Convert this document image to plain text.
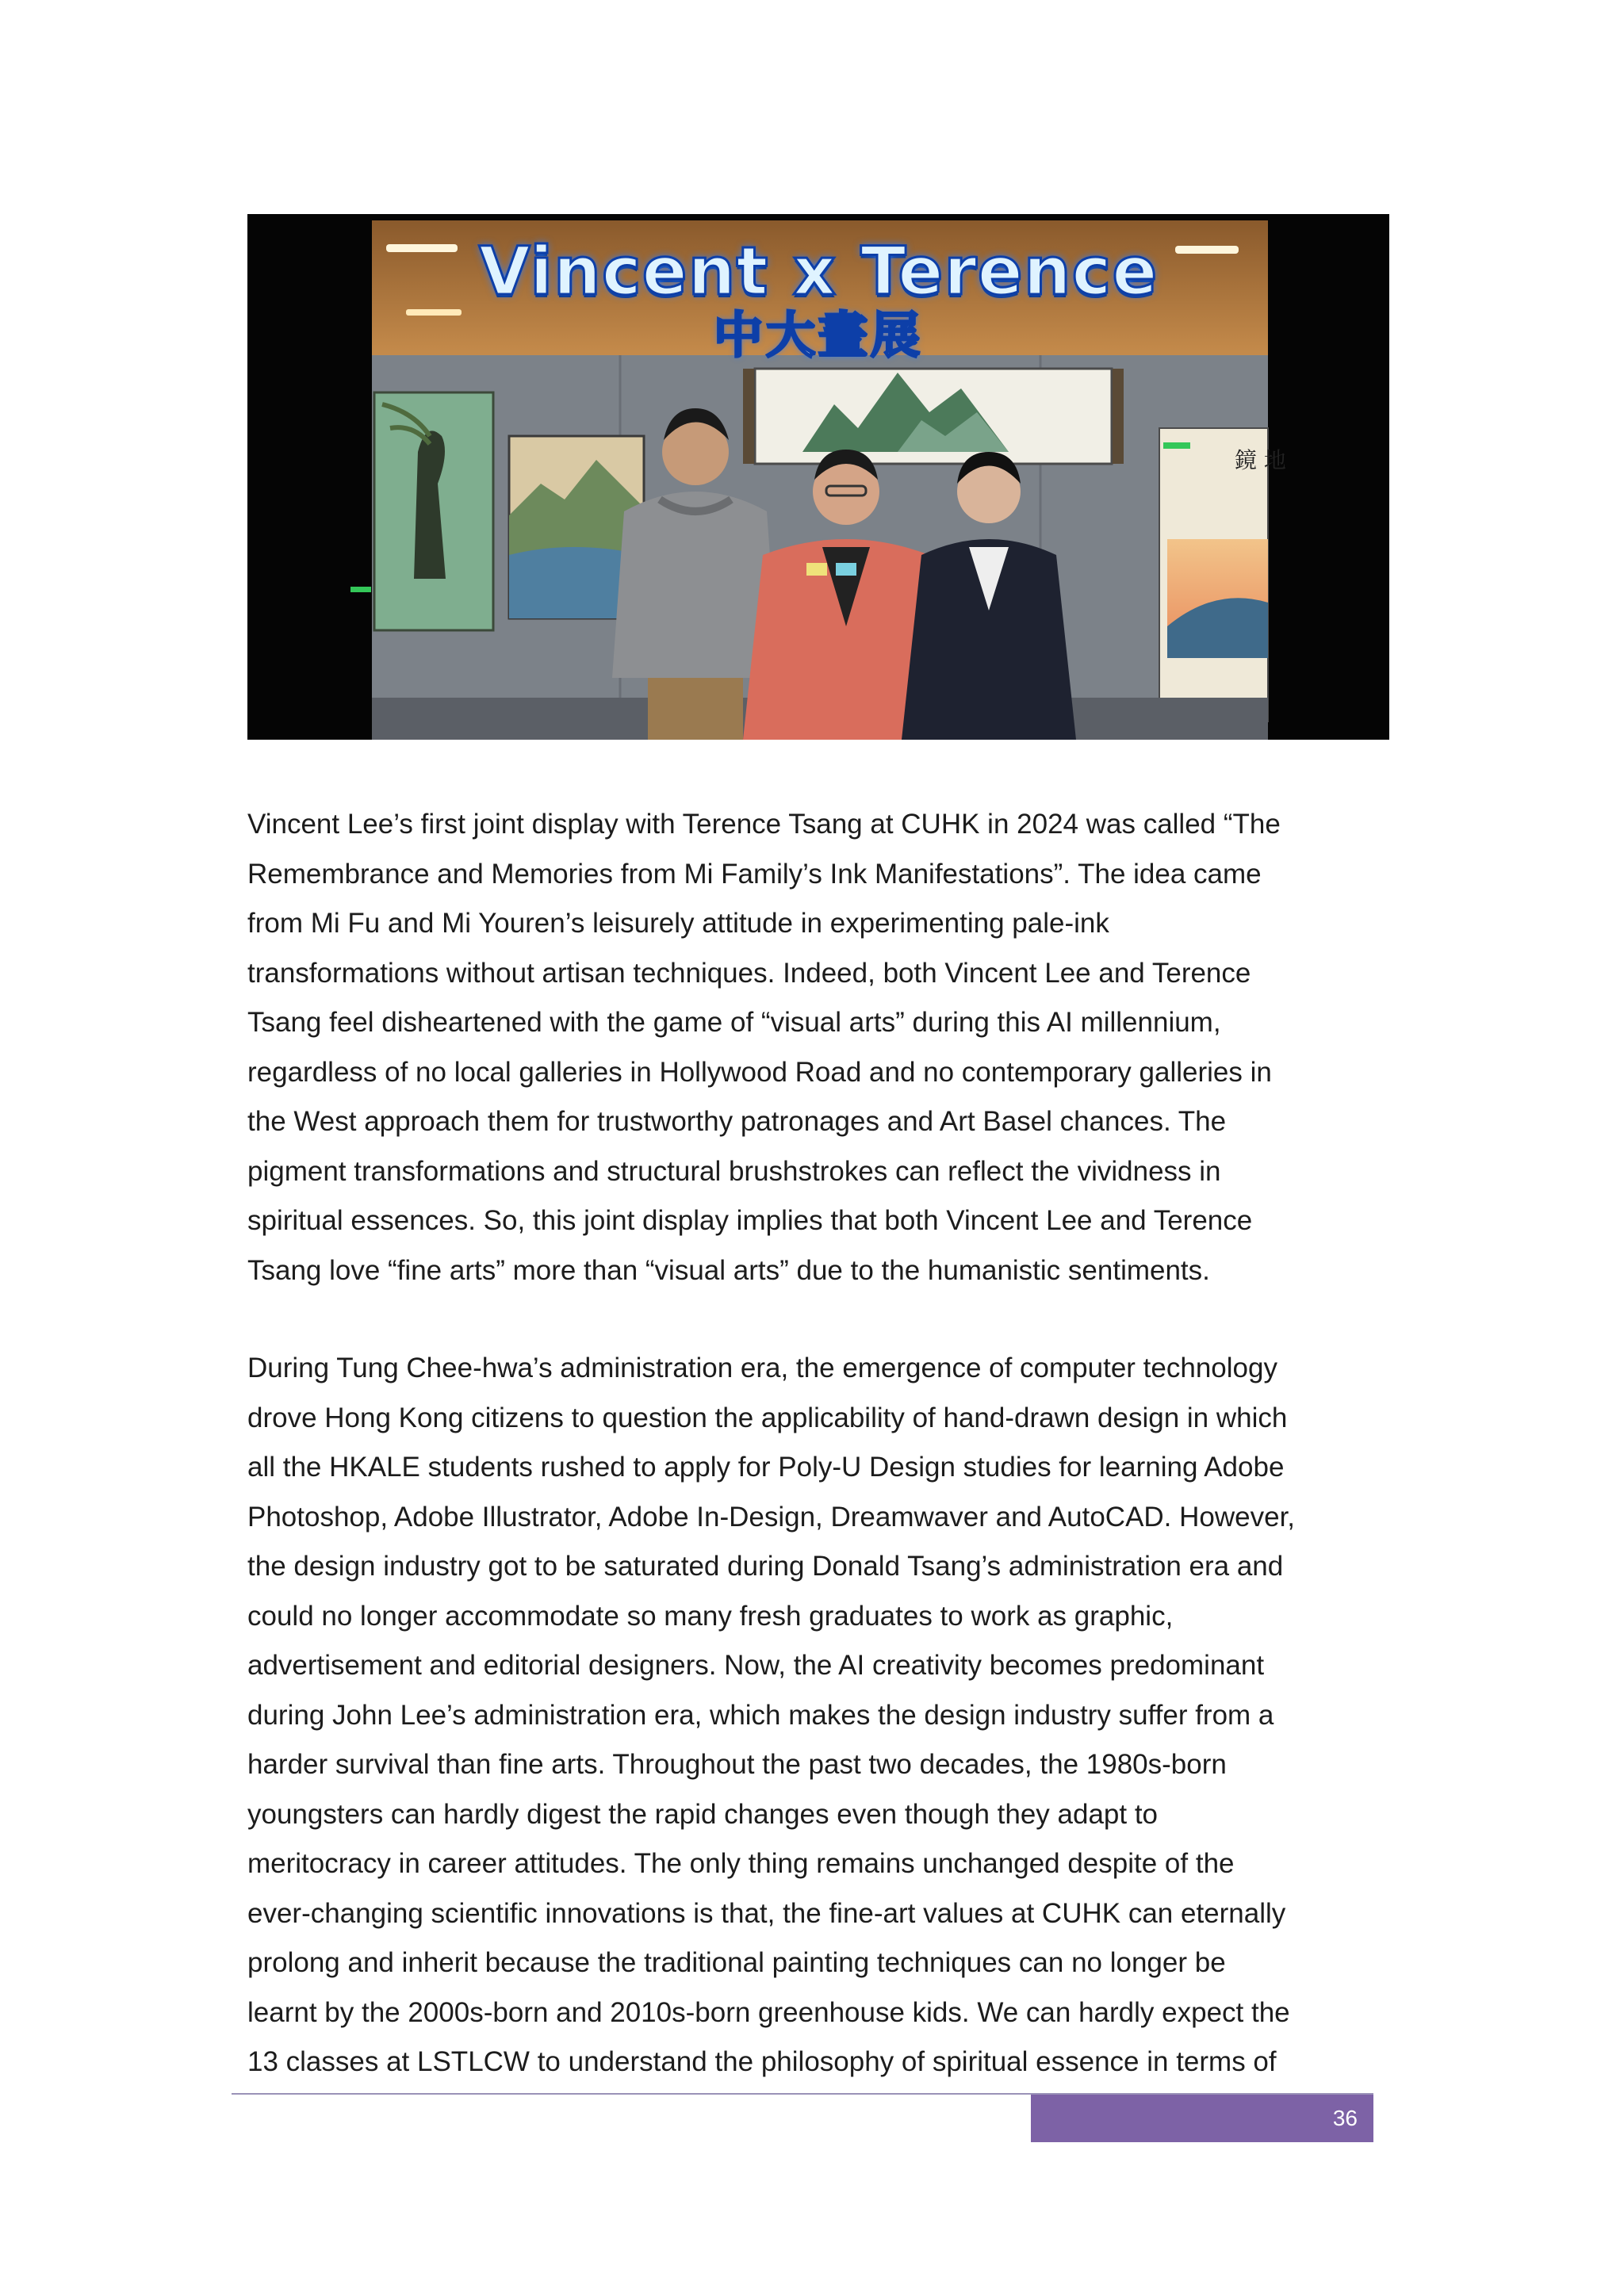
鏡 地
Vincent x Terence
中大畫展

Vincent Lee’s first joint display with Terence Tsang at CUHK in 2024 was called “The
Remembrance and Memories from Mi Family’s Ink Manifestations”. The idea came
from Mi Fu and Mi Youren’s leisurely attitude in experimenting pale-ink
transformations without artisan techniques. Indeed, both Vincent Lee and Terence
Tsang feel disheartened with the game of “visual arts” during this AI millennium,
regardless of no local galleries in Hollywood Road and no contemporary galleries in
the West approach them for trustworthy patronages and Art Basel chances. The
pigment transformations and structural brushstrokes can reflect the vividness in
spiritual essences. So, this joint display implies that both Vincent Lee and Terence
Tsang love “fine arts” more than “visual arts” due to the humanistic sentiments.

During Tung Chee-hwa’s administration era, the emergence of computer technology
drove Hong Kong citizens to question the applicability of hand-drawn design in which
all the HKALE students rushed to apply for Poly-U Design studies for learning Adobe
Photoshop, Adobe Illustrator, Adobe In-Design, Dreamwaver and AutoCAD. However,
the design industry got to be saturated during Donald Tsang’s administration era and
could no longer accommodate so many fresh graduates to work as graphic,
advertisement and editorial designers. Now, the AI creativity becomes predominant
during John Lee’s administration era, which makes the design industry suffer from a
harder survival than fine arts. Throughout the past two decades, the 1980s-born
youngsters can hardly digest the rapid changes even though they adapt to
meritocracy in career attitudes. The only thing remains unchanged despite of the
ever-changing scientific innovations is that, the fine-art values at CUHK can eternally
prolong and inherit because the traditional painting techniques can no longer be
learnt by the 2000s-born and 2010s-born greenhouse kids. We can hardly expect the
13 classes at LSTLCW to understand the philosophy of spiritual essence in terms of

36
